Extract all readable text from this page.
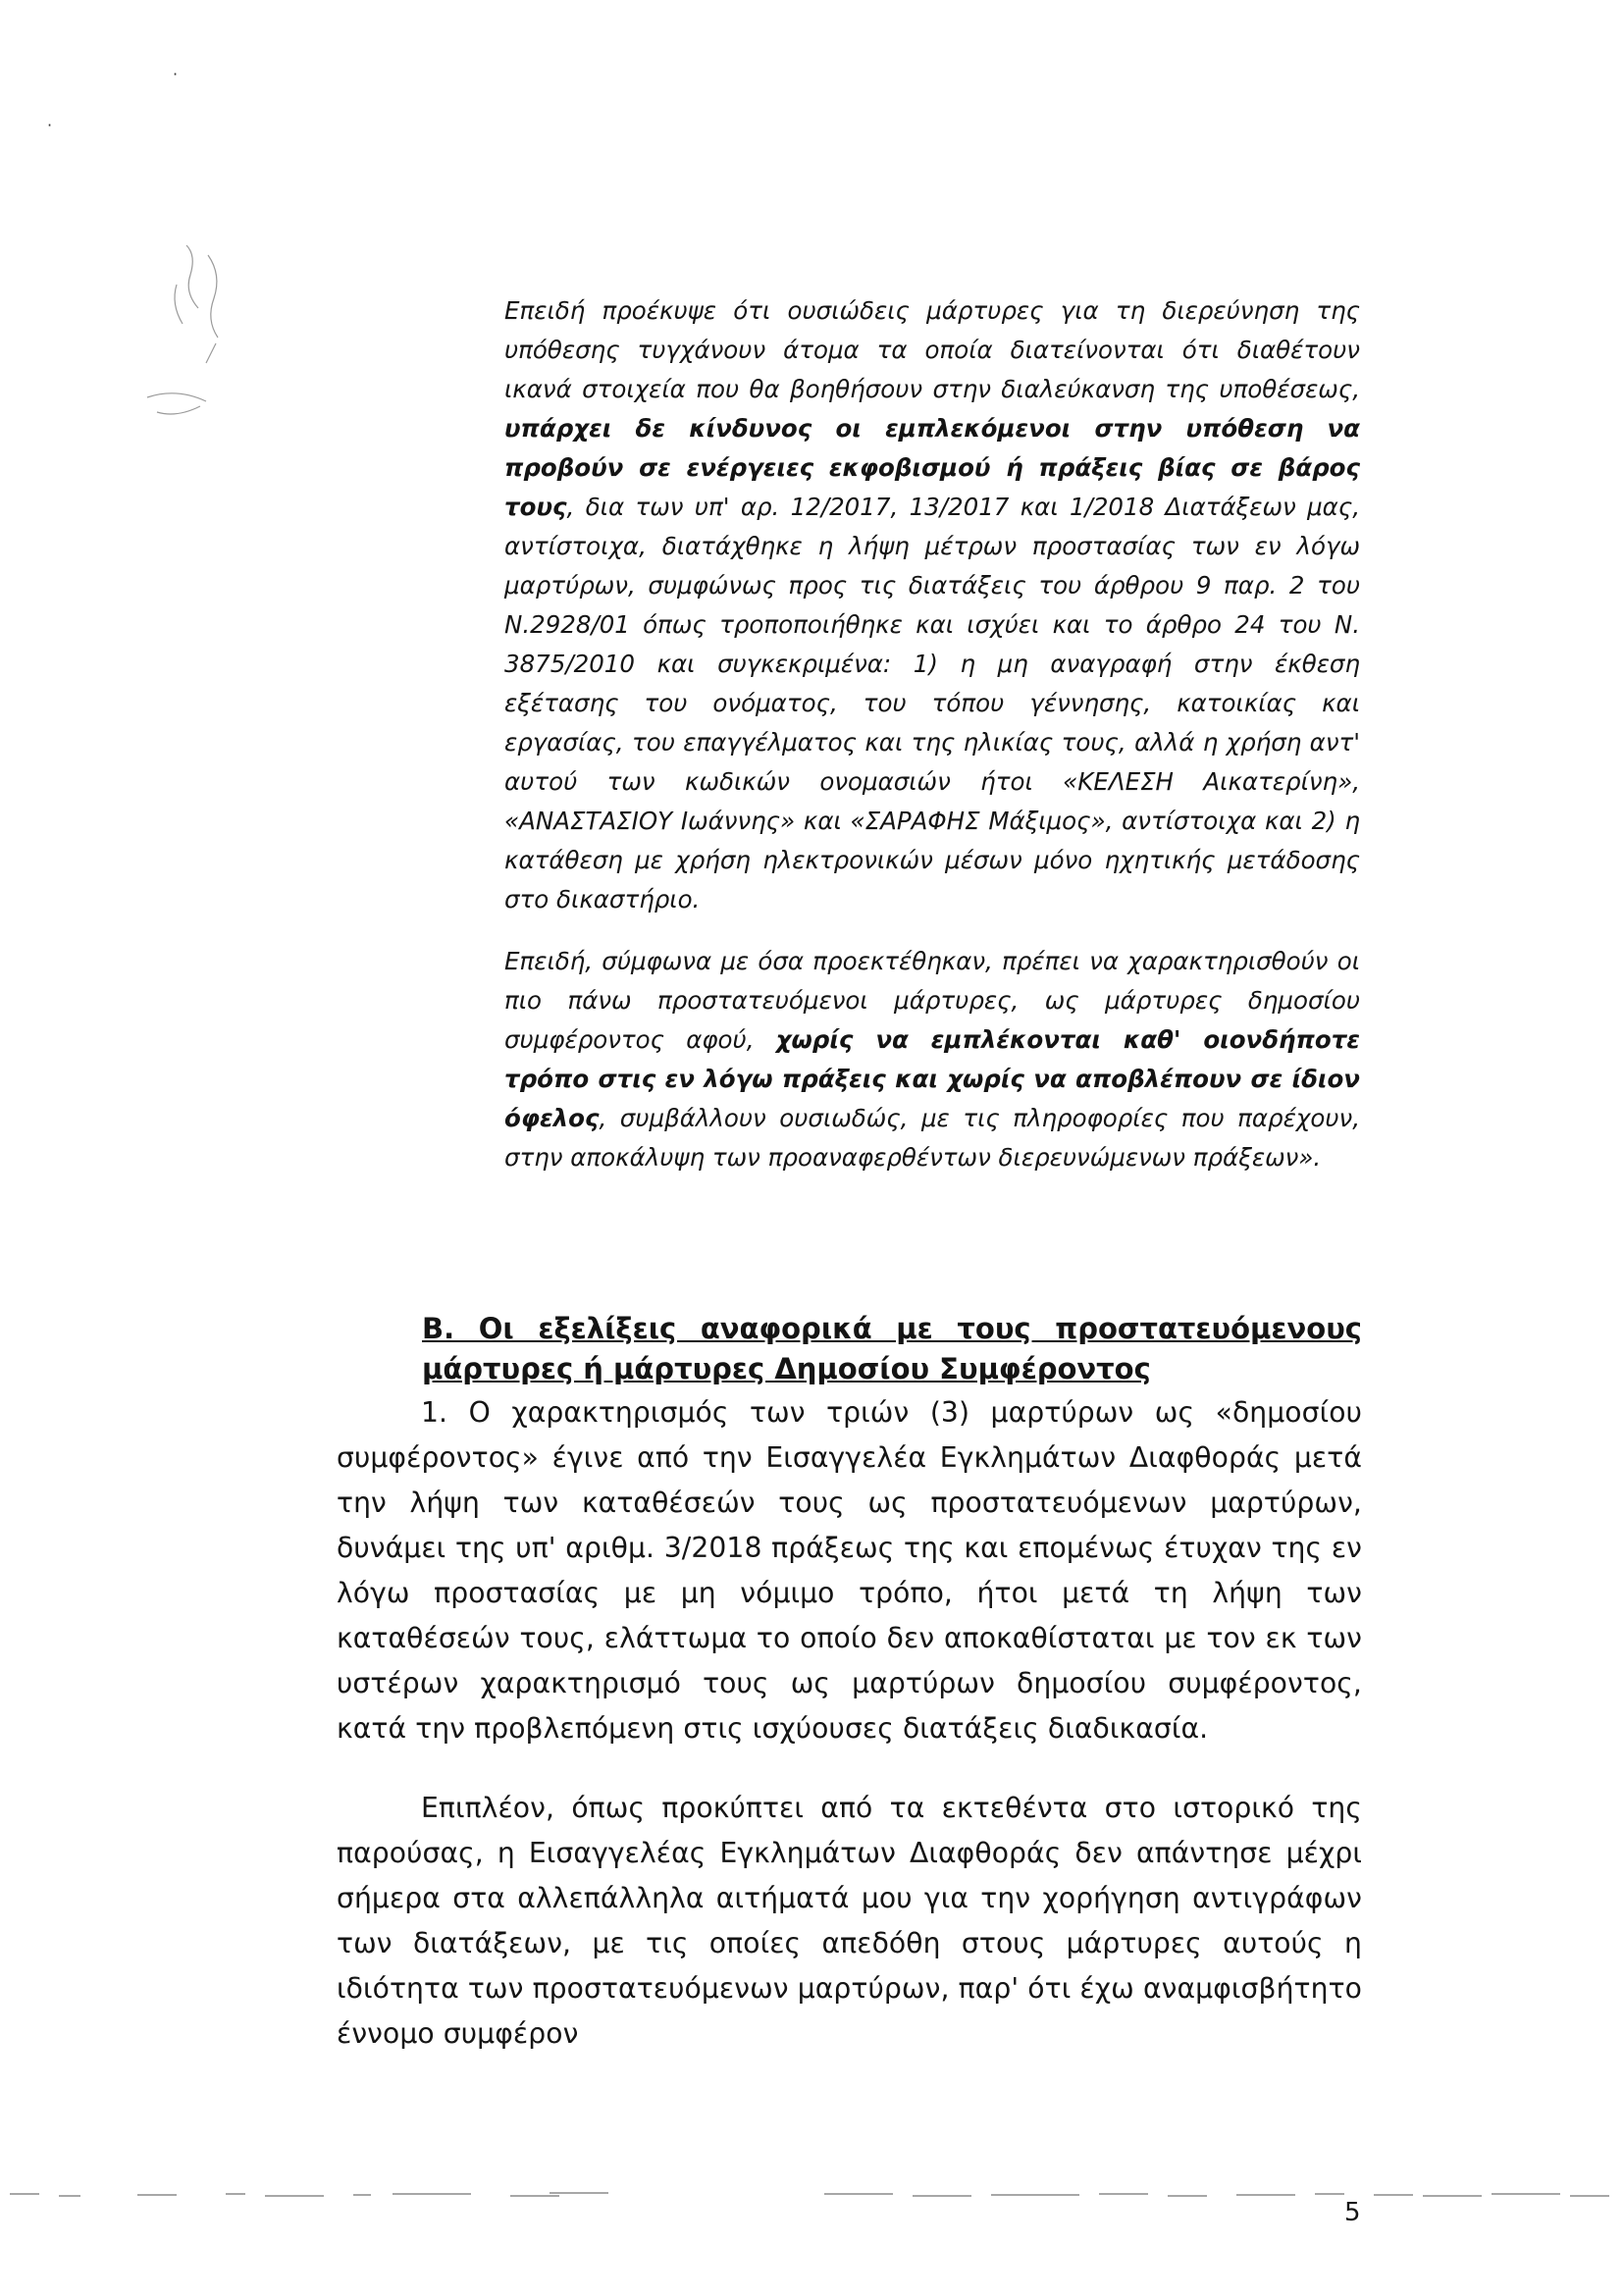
·
·

Επειδή προέκυψε ότι ουσιώδεις μάρτυρες για τη διερεύνηση της υπόθεσης τυγχάνουν άτομα τα οποία διατείνονται ότι διαθέτουν ικανά στοιχεία που θα βοηθήσουν στην διαλεύκανση της υποθέσεως, υπάρχει δε κίνδυνος οι εμπλεκόμενοι στην υπόθεση να προβούν σε ενέργειες εκφοβισμού ή πράξεις βίας σε βάρος τους, δια των υπ' αρ. 12/2017, 13/2017 και 1/2018 Διατάξεων μας, αντίστοιχα, διατάχθηκε η λήψη μέτρων προστασίας των εν λόγω μαρτύρων, συμφώνως προς τις διατάξεις του άρθρου 9 παρ. 2 του Ν.2928/01 όπως τροποποιήθηκε και ισχύει και το άρθρο 24 του Ν. 3875/2010 και συγκεκριμένα: 1) η μη αναγραφή στην έκθεση εξέτασης του ονόματος, του τόπου γέννησης, κατοικίας και εργασίας, του επαγγέλματος και της ηλικίας τους, αλλά η χρήση αντ' αυτού των κωδικών ονομασιών ήτοι «ΚΕΛΕΣΗ Αικατερίνη», «ΑΝΑΣΤΑΣΙΟΥ Ιωάννης» και «ΣΑΡΑΦΗΣ Μάξιμος», αντίστοιχα και 2) η κατάθεση με χρήση ηλεκτρονικών μέσων μόνο ηχητικής μετάδοσης στο δικαστήριο.

Επειδή, σύμφωνα με όσα προεκτέθηκαν, πρέπει να χαρακτηρισθούν οι πιο πάνω προστατευόμενοι μάρτυρες, ως μάρτυρες δημοσίου συμφέροντος αφού, χωρίς να εμπλέκονται καθ' οιονδήποτε τρόπο στις εν λόγω πράξεις και χωρίς να αποβλέπουν σε ίδιον όφελος, συμβάλλουν ουσιωδώς, με τις πληροφορίες που παρέχουν, στην αποκάλυψη των προαναφερθέντων διερευνώμενων πράξεων».

Β. Οι εξελίξεις αναφορικά με τους προστατευόμενους μάρτυρες ή μάρτυρες Δημοσίου Συμφέροντος
1. Ο χαρακτηρισμός των τριών (3) μαρτύρων ως «δημοσίου συμφέροντος» έγινε από την Εισαγγελέα Εγκλημάτων Διαφθοράς μετά την λήψη των καταθέσεών τους ως προστατευόμενων μαρτύρων, δυνάμει της υπ' αριθμ. 3/2018 πράξεως της και επομένως έτυχαν της εν λόγω προστασίας με μη νόμιμο τρόπο, ήτοι μετά τη λήψη των καταθέσεών τους, ελάττωμα το οποίο δεν αποκαθίσταται με τον εκ των υστέρων χαρακτηρισμό τους ως μαρτύρων δημοσίου συμφέροντος, κατά την προβλεπόμενη στις ισχύουσες διατάξεις διαδικασία.
Επιπλέον, όπως προκύπτει από τα εκτεθέντα στο ιστορικό της παρούσας, η Εισαγγελέας Εγκλημάτων Διαφθοράς δεν απάντησε μέχρι σήμερα στα αλλεπάλληλα αιτήματά μου για την χορήγηση αντιγράφων των διατάξεων, με τις οποίες απεδόθη στους μάρτυρες αυτούς η ιδιότητα των προστατευόμενων μαρτύρων, παρ' ότι έχω αναμφισβήτητο έννομο συμφέρον
5
